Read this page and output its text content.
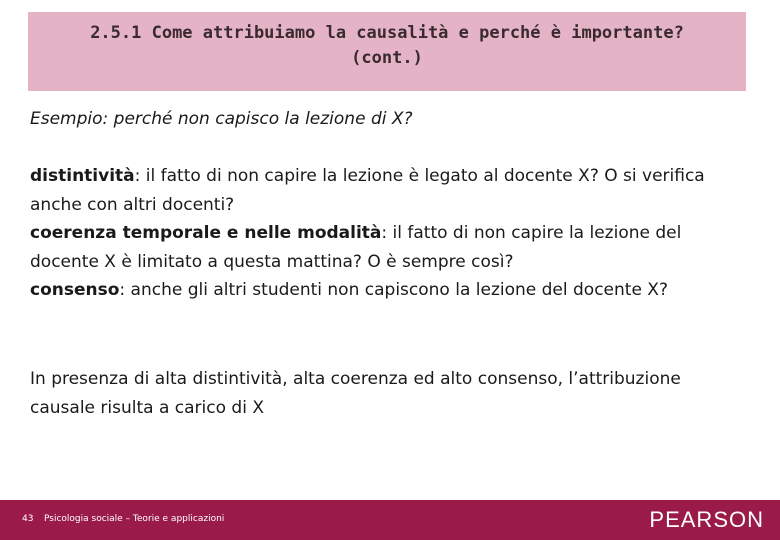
2.5.1 Come attribuiamo la causalità e perché è importante?
(cont.)
Esempio: perché non capisco la lezione di X?

distintività: il fatto di non capire la lezione è legato al docente X? O si verifica anche con altri docenti?

coerenza temporale e nelle modalità: il fatto di non capire la lezione del docente X è limitato a questa mattina? O è sempre così?

consenso: anche gli altri studenti non capiscono la lezione del docente X?

In presenza di alta distintività, alta coerenza ed alto consenso, l’attribuzione causale risulta a carico di X
43 Psicologia sociale – Teorie e applicazioni	PEARSON
